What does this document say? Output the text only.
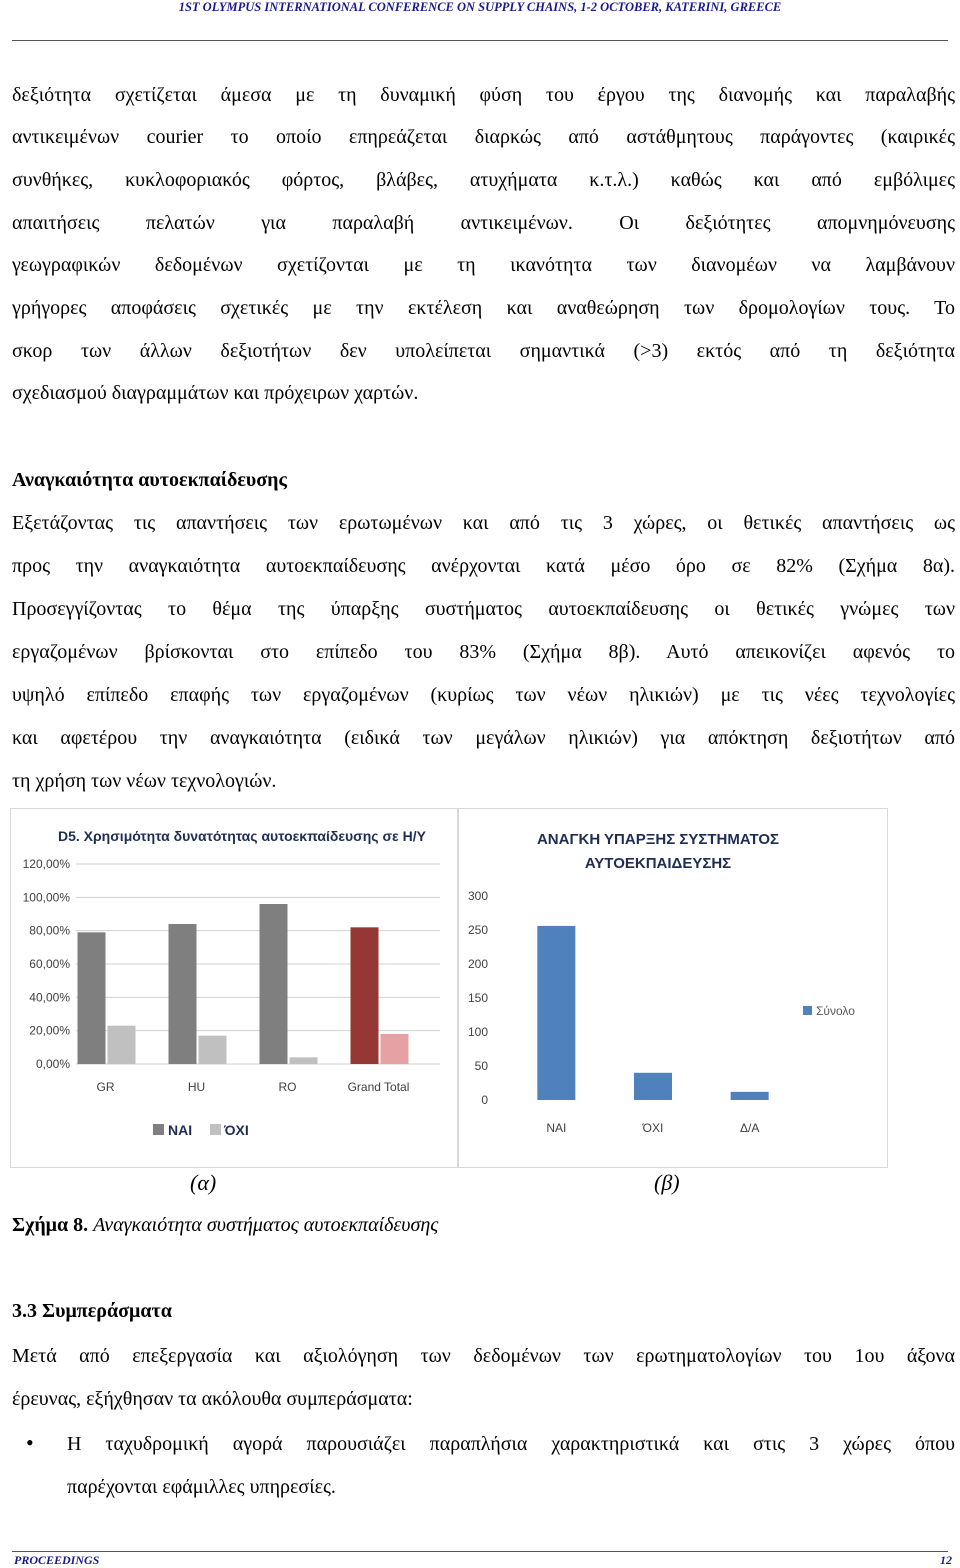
1ST OLYMPUS INTERNATIONAL CONFERENCE ON SUPPLY CHAINS, 1-2 OCTOBER, KATERINI, GREECE
δεξιότητα σχετίζεται άμεσα με τη δυναμική φύση του έργου της διανομής και παραλαβής
αντικειμένων courier το οποίο επηρεάζεται διαρκώς από αστάθμητους παράγοντες (καιρικές
συνθήκες, κυκλοφοριακός φόρτος, βλάβες, ατυχήματα κ.τ.λ.) καθώς και από εμβόλιμες
απαιτήσεις πελατών για παραλαβή αντικειμένων. Οι δεξιότητες απομνημόνευσης
γεωγραφικών δεδομένων σχετίζονται με τη ικανότητα των διανομέων να λαμβάνουν
γρήγορες αποφάσεις σχετικές με την εκτέλεση και αναθεώρηση των δρομολογίων τους. Το
σκορ των άλλων δεξιοτήτων δεν υπολείπεται σημαντικά (>3) εκτός από τη δεξιότητα
σχεδιασμού διαγραμμάτων και πρόχειρων χαρτών.
Αναγκαιότητα αυτοεκπαίδευσης
Εξετάζοντας τις απαντήσεις των ερωτωμένων και από τις 3 χώρες, οι θετικές απαντήσεις ως
προς την αναγκαιότητα αυτοεκπαίδευσης ανέρχονται κατά μέσο όρο σε 82% (Σχήμα 8α).
Προσεγγίζοντας το θέμα της ύπαρξης συστήματος αυτοεκπαίδευσης οι θετικές γνώμες των
εργαζομένων βρίσκονται στο επίπεδο του 83% (Σχήμα 8β). Αυτό απεικονίζει αφενός το
υψηλό επίπεδο επαφής των εργαζομένων (κυρίως των νέων ηλικιών) με τις νέες τεχνολογίες
και αφετέρου την αναγκαιότητα (ειδικά των μεγάλων ηλικιών) για απόκτηση δεξιοτήτων από
τη χρήση των νέων τεχνολογιών.
D5. Χρησιμότητα δυνατότητας αυτοεκπαίδευσης σε Η/Υ
0,00%
20,00%
40,00%
60,00%
80,00%
100,00%
120,00%
GR	HU	RO	Grand Total
ΝΑΙ ΌΧΙ
ΑΝΑΓΚΗ ΥΠΑΡΞΗΣ ΣΥΣΤΗΜΑΤΟΣ
ΑΥΤΟΕΚΠΑΙΔΕΥΣΗΣ
0
50
100
150
200
250
300
ΝΑΙ	ΌΧΙ	Δ/Α
Σύνολο
(α)	(β)
Σχήμα 8. Αναγκαιότητα συστήματος αυτοεκπαίδευσης
3.3 Συμπεράσματα
Μετά από επεξεργασία και αξιολόγηση των δεδομένων των ερωτηματολογίων του 1ου άξονα
έρευνας, εξήχθησαν τα ακόλουθα συμπεράσματα:
• Η ταχυδρομική αγορά παρουσιάζει παραπλήσια χαρακτηριστικά και στις 3 χώρες όπου
παρέχονται εφάμιλλες υπηρεσίες.
PROCEEDINGS	12
